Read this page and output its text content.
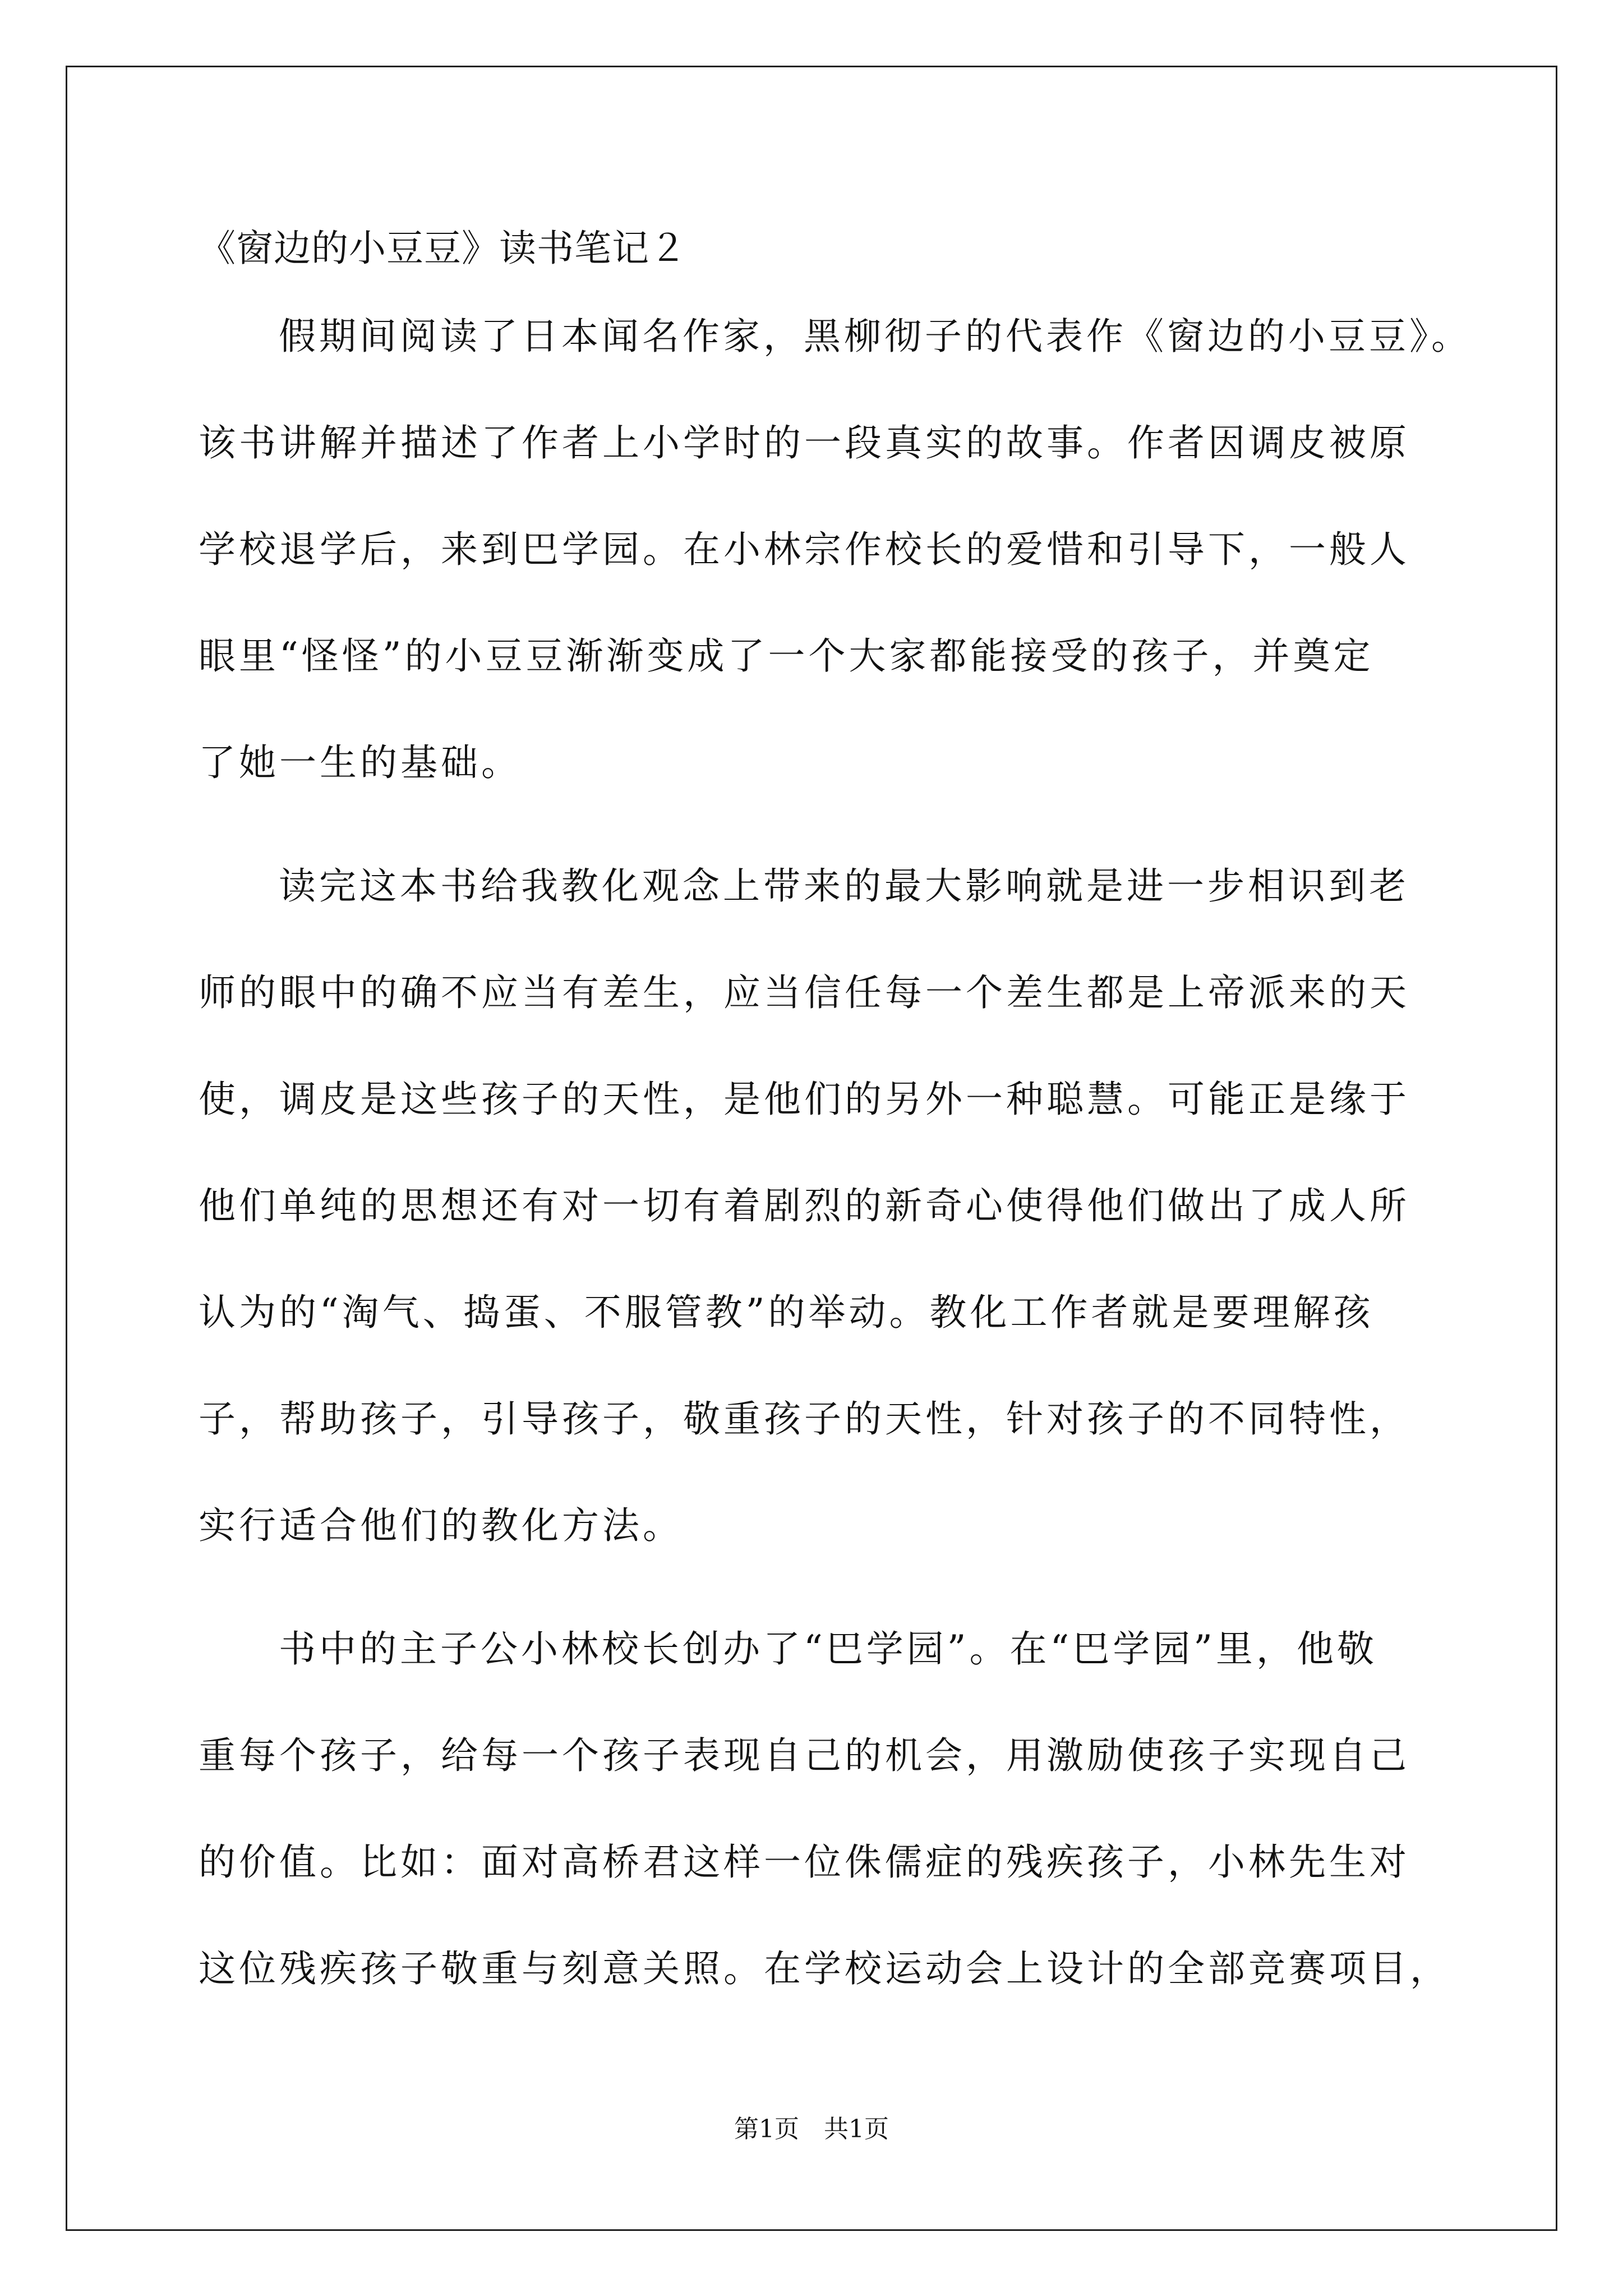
《窗边的小豆豆》读书笔记２
假期间阅读了日本闻名作家，黑柳彻子的代表作《窗边的小豆豆》。
该书讲解并描述了作者上小学时的一段真实的故事。作者因调皮被原
学校退学后，来到巴学园。在小林宗作校长的爱惜和引导下，一般人
眼里“怪怪”的小豆豆渐渐变成了一个大家都能接受的孩子，并奠定
了她一生的基础。
读完这本书给我教化观念上带来的最大影响就是进一步相识到老
师的眼中的确不应当有差生，应当信任每一个差生都是上帝派来的天
使，调皮是这些孩子的天性，是他们的另外一种聪慧。可能正是缘于
他们单纯的思想还有对一切有着剧烈的新奇心使得他们做出了成人所
认为的“淘气、捣蛋、不服管教”的举动。教化工作者就是要理解孩
子，帮助孩子，引导孩子，敬重孩子的天性，针对孩子的不同特性，
实行适合他们的教化方法。
书中的主子公小林校长创办了“巴学园”。在“巴学园”里，他敬
重每个孩子，给每一个孩子表现自己的机会，用激励使孩子实现自己
的价值。比如：面对高桥君这样一位侏儒症的残疾孩子，小林先生对
这位残疾孩子敬重与刻意关照。在学校运动会上设计的全部竞赛项目，
第1页　共1页
